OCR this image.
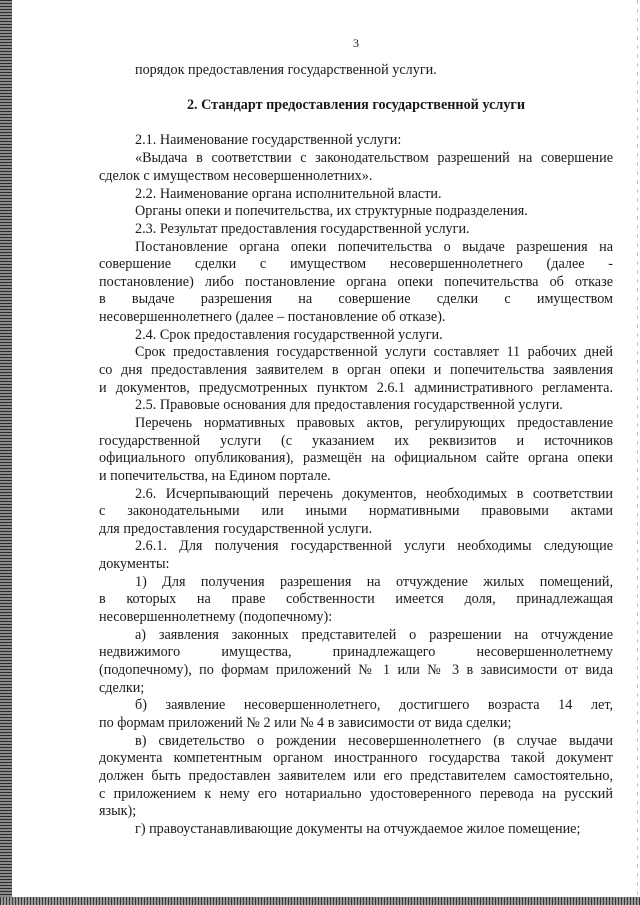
3
порядок предоставления государственной услуги.
2. Стандарт предоставления государственной услуги
2.1. Наименование государственной услуги:
«Выдача в соответствии с законодательством разрешений на совершение
сделок с имуществом несовершеннолетних».
2.2. Наименование органа исполнительной власти.
Органы опеки и попечительства, их структурные подразделения.
2.3. Результат предоставления государственной услуги.
Постановление органа опеки попечительства о выдаче разрешения на
совершение сделки с имуществом несовершеннолетнего (далее -
постановление) либо постановление органа опеки попечительства об отказе
в выдаче разрешения на совершение сделки с имуществом
несовершеннолетнего (далее – постановление об отказе).
2.4. Срок предоставления государственной услуги.
Срок предоставления государственной услуги составляет 11 рабочих дней
со дня предоставления заявителем в орган опеки и попечительства заявления
и документов, предусмотренных пунктом 2.6.1 административного регламента.
2.5. Правовые основания для предоставления государственной услуги.
Перечень нормативных правовых актов, регулирующих предоставление
государственной услуги (с указанием их реквизитов и источников
официального опубликования), размещён на официальном сайте органа опеки
и попечительства, на Едином портале.
2.6. Исчерпывающий перечень документов, необходимых в соответствии
с законодательными или иными нормативными правовыми актами
для предоставления государственной услуги.
2.6.1. Для получения государственной услуги необходимы следующие
документы:
1) Для получения разрешения на отчуждение жилых помещений,
в которых на праве собственности имеется доля, принадлежащая
несовершеннолетнему (подопечному):
а) заявления законных представителей о разрешении на отчуждение
недвижимого имущества, принадлежащего несовершеннолетнему
(подопечному), по формам приложений № 1 или № 3 в зависимости от вида
сделки;
б) заявление несовершеннолетнего, достигшего возраста 14 лет,
по формам приложений № 2 или № 4 в зависимости от вида сделки;
в) свидетельство о рождении несовершеннолетнего (в случае выдачи
документа компетентным органом иностранного государства такой документ
должен быть предоставлен заявителем или его представителем самостоятельно,
с приложением к нему его нотариально удостоверенного перевода на русский
язык);
г) правоустанавливающие документы на отчуждаемое жилое помещение;
